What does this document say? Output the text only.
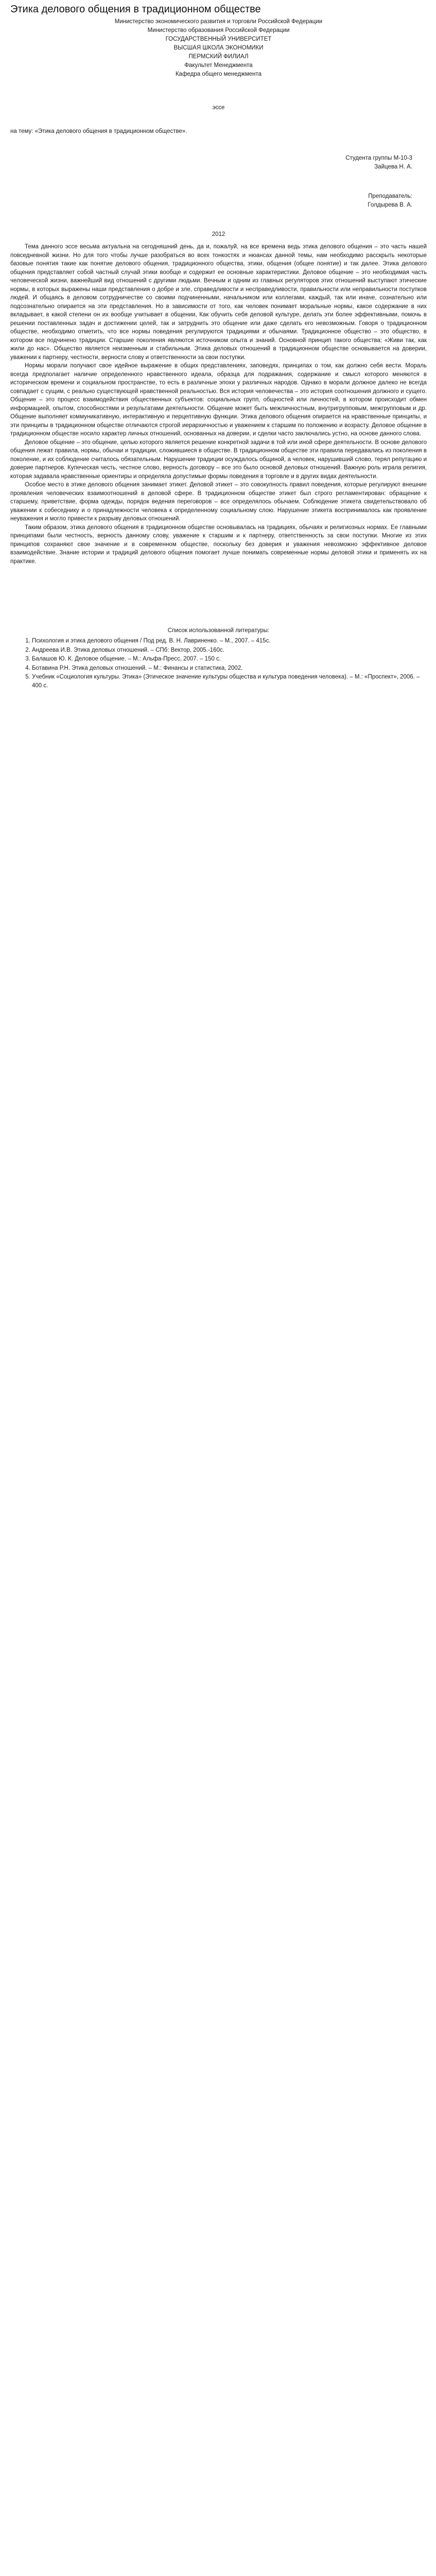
Этика делового общения в традиционном обществе
Министерство экономического развития и торговли Российской Федерации
Министерство образования Российской Федерации
ГОСУДАРСТВЕННЫЙ УНИВЕРСИТЕТ
ВЫСШАЯ ШКОЛА ЭКОНОМИКИ
ПЕРМСКИЙ ФИЛИАЛ
Факультет Менеджмента
Кафедра общего менеджмента
эссе
на тему: «Этика делового общения в традиционном обществе».
Студента группы М-10-3
Зайцева Н. А.
Преподаватель:
Голдырева В. А.
2012

Тема данного эссе весьма актуальна на сегодняшний день, да и, пожалуй, на все времена ведь этика делового общения – это часть нашей повседневной жизни. Но для того чтобы лучше разобраться во всех тонкостях и нюансах данной темы, нам необходимо расскрыть некоторые базовые понятия такие как понятие делового общения, традиционного общества, этики, общения (общее понятие) и так далее. Этика делового общения представляет собой частный случай этики вообще и содержит ее основные характеристики. Деловое общение – это необходимая часть человеческой жизни, важнейший вид отношений с другими людьми. Вечным и одним из главных регуляторов этих отношений выступают этические нормы, в которых выражены наши представления о добре и зле, справедливости и несправедливости, правильности или неправильности поступков людей. И общаясь в деловом сотрудничестве со своими подчиненными, начальником или коллегами, каждый, так или иначе, сознательно или подсознательно опирается на эти представления. Но в зависимости от того, как человек понимает моральные нормы, какое содержание в них вкладывает, в какой степени он их вообще учитывает в общении, Как обучить себя деловой культуре, делать эти более эффективными, помочь в решении поставленных задач и достижении целей, так и затруднить это общение или даже сделать его невозможным. Говоря о традиционном обществе, необходимо отметить, что все нормы поведения регулируются традициями и обычаями. Традиционное общество – это общество, в котором все подчинено традиции. Старшие поколения являются источником опыта и знаний. Основной принцип такого общества: «Живи так, как жили до нас». Общество является неизменным и стабильным. Этика деловых отношений в традиционном обществе основывается на доверии, уважении к партнеру, честности, верности слову и ответственности за свои поступки.

Нормы морали получают свое идейное выражение в общих представлениях, заповедях, принципах о том, как должно себя вести. Мораль всегда предполагает наличие определенного нравственного идеала, образца для подражания, содержание и смысл которого меняются в историческом времени и социальном пространстве, то есть в различные эпохи у различных народов. Однако в морали должное далеко не всегда совпадает с сущим, с реально существующей нравственной реальностью. Вся история человечества – это история соотношения должного и сущего. Общение – это процесс взаимодействия общественных субъектов: социальных групп, общностей или личностей, в котором происходит обмен информацией, опытом, способностями и результатами деятельности. Общение может быть межличностным, внутригрупповым, межгрупповым и др. Общение выполняет коммуникативную, интерактивную и перцептивную функции. Этика делового общения опирается на нравственные принципы, и эти принципы в традиционном обществе отличаются строгой иерархичностью и уважением к старшим по положению и возрасту. Деловое общение в традиционном обществе носило характер личных отношений, основанных на доверии, и сделки часто заключались устно, на основе данного слова.

Деловое общение – это общение, целью которого является решение конкретной задачи в той или иной сфере деятельности. В основе делового общения лежат правила, нормы, обычаи и традиции, сложившиеся в обществе. В традиционном обществе эти правила передавались из поколения в поколение, и их соблюдение считалось обязательным. Нарушение традиции осуждалось общиной, а человек, нарушивший слово, терял репутацию и доверие партнеров. Купеческая честь, честное слово, верность договору – все это было основой деловых отношений. Важную роль играла религия, которая задавала нравственные ориентиры и определяла допустимые формы поведения в торговле и в других видах деятельности.

Особое место в этике делового общения занимает этикет. Деловой этикет – это совокупность правил поведения, которые регулируют внешние проявления человеческих взаимоотношений в деловой сфере. В традиционном обществе этикет был строго регламентирован: обращение к старшему, приветствие, форма одежды, порядок ведения переговоров – все определялось обычаем. Соблюдение этикета свидетельствовало об уважении к собеседнику и о принадлежности человека к определенному социальному слою. Нарушение этикета воспринималось как проявление неуважения и могло привести к разрыву деловых отношений.

Таким образом, этика делового общения в традиционном обществе основывалась на традициях, обычаях и религиозных нормах. Ее главными принципами были честность, верность данному слову, уважение к старшим и к партнеру, ответственность за свои поступки. Многие из этих принципов сохраняют свое значение и в современном обществе, поскольку без доверия и уважения невозможно эффективное деловое взаимодействие. Знание истории и традиций делового общения помогает лучше понимать современные нормы деловой этики и применять их на практике.

Список использованной литературы:
1. Психология и этика делового общения / Под ред. В. Н. Лавриненко. – М., 2007. – 415с.
2. Андреева И.В. Этика деловых отношений. – СПб: Вектор, 2005.-160с.
3. Балашов Ю. К. Деловое общение. – М.: Альфа-Пресс, 2007. – 150 с.
4. Ботавина Р.Н. Этика деловых отношений. – М.: Финансы и статистика, 2002.
5. Учебник «Социология культуры. Этика» (Этическое значение культуры общества и культура поведения человека). – М.: «Проспект», 2006. – 400 с.
